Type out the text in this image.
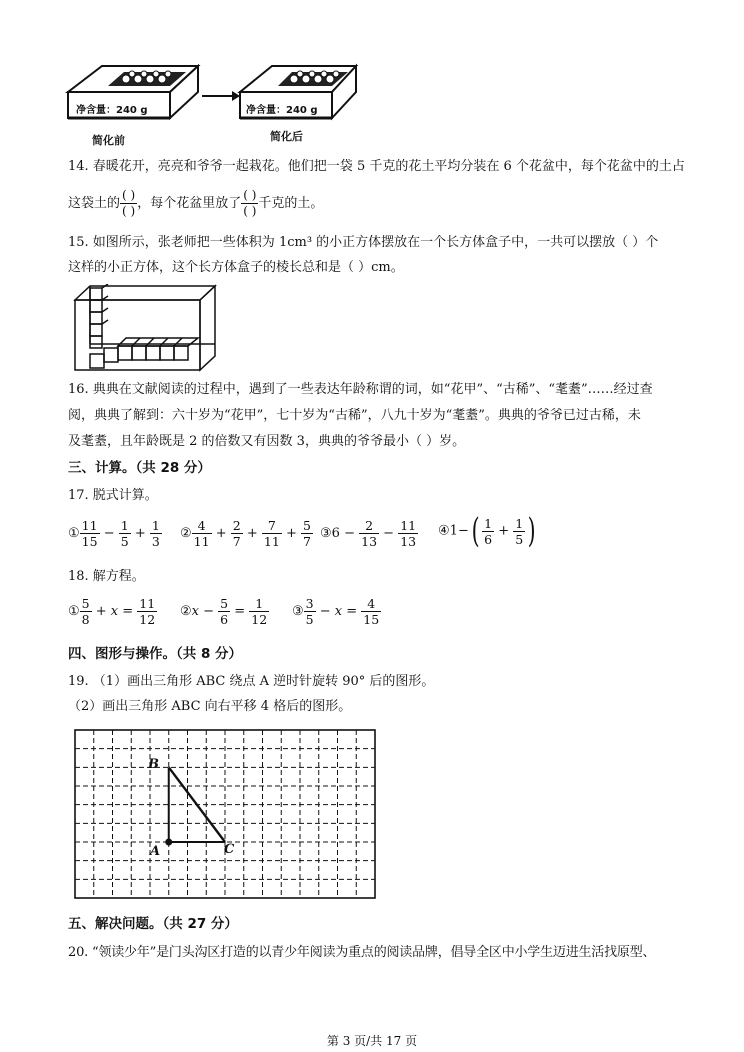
净含量：240 g	净含量：240 g
简化前	简化后
14. 春暖花开，亮亮和爷爷一起栽花。他们把一袋 5 千克的花土平均分装在 6 个花盆中，每个花盆中的土占
这袋土的 $\frac{( )}{( )}$ ，每个花盆里放了 $\frac{( )}{( )}$ 千克的土。
15. 如图所示，张老师把一些体积为 1cm³ 的小正方体摆放在一个长方体盒子中，一共可以摆放（ ）个
这样的小正方体，这个长方体盒子的棱长总和是（ ）cm。
16. 典典在文献阅读的过程中，遇到了一些表达年龄称谓的词，如“花甲”、“古稀”、“耄耋”……经过查
阅，典典了解到：六十岁为“花甲”，七十岁为“古稀”，八九十岁为“耄耋”。典典的爷爷已过古稀，未
及耄耋，且年龄既是 2 的倍数又有因数 3，典典的爷爷最小（ ）岁。
三、计算。（共 28 分）
17. 脱式计算。
① $\frac{11}{15} - \frac{1}{5} + \frac{1}{3}$ ② $\frac{4}{11} + \frac{2}{7} + \frac{7}{11} + \frac{5}{7}$ ③6 − $\frac{2}{13} - \frac{11}{13}$ ④1−( $\frac{1}{6} + \frac{1}{5}$ )
18. 解方程。
① $\frac{5}{8} + x = \frac{11}{12}$ ②x − $\frac{5}{6} = \frac{1}{12}$ ③ $\frac{3}{5} - x = \frac{4}{15}$
四、图形与操作。（共 8 分）
19. （1）画出三角形 ABC 绕点 A 逆时针旋转 90° 后的图形。
（2）画出三角形 ABC 向右平移 4 格后的图形。
B
A	C
五、解决问题。（共 27 分）
20. “领读少年”是门头沟区打造的以青少年阅读为重点的阅读品牌，倡导全区中小学生迈进生活找原型、
第 3 页/共 17 页
